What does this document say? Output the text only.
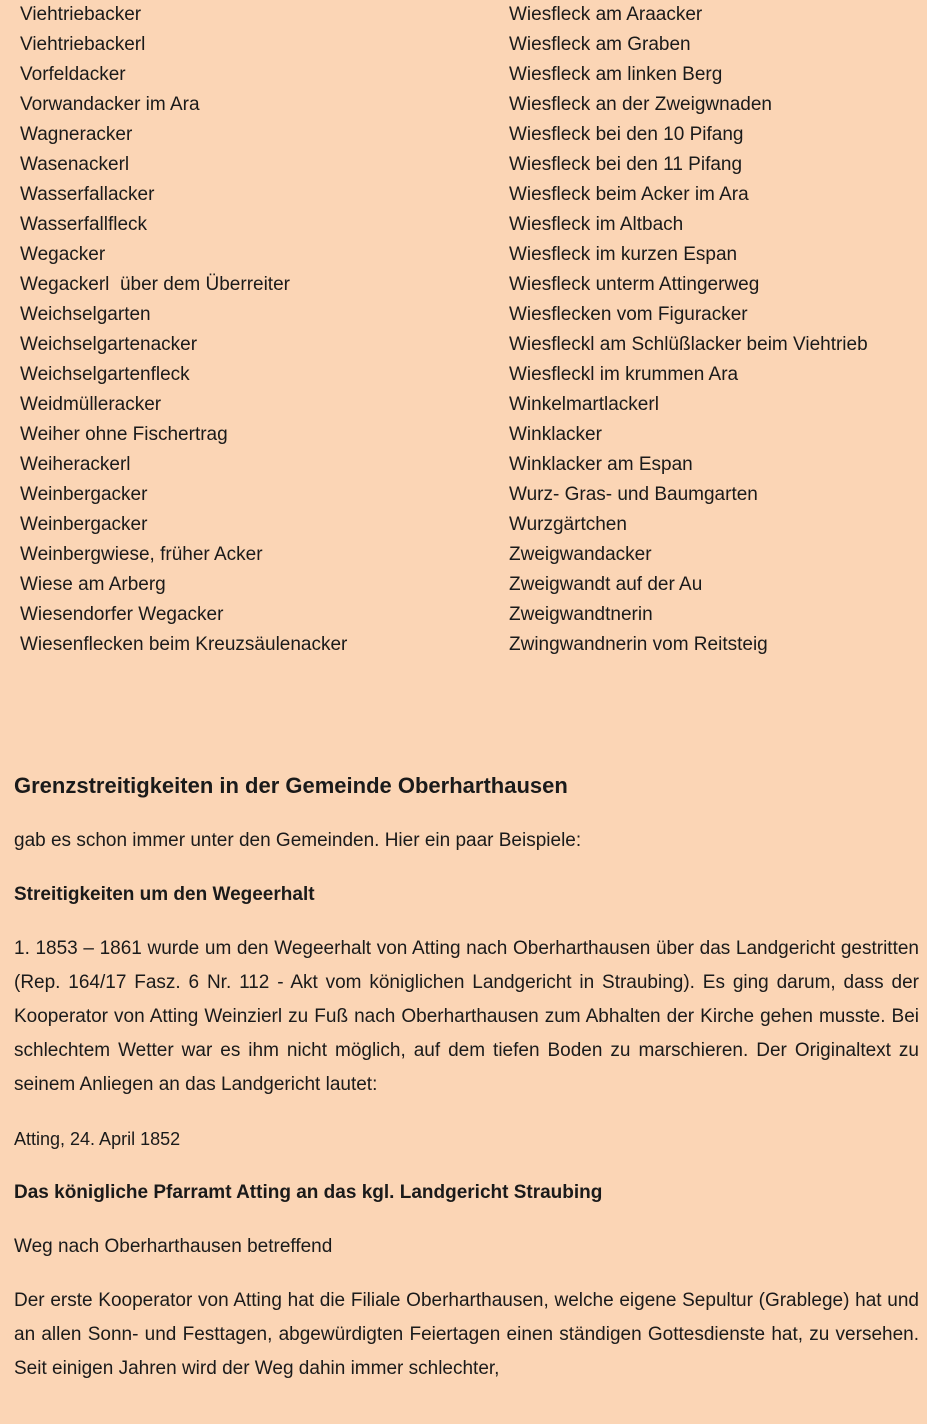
Viehtriebacker
Viehtriebackerl
Vorfeldacker
Vorwandacker im Ara
Wagneracker
Wasenackerl
Wasserfallacker
Wasserfallfleck
Wegacker
Wegackerl  über dem Überreiter
Weichselgarten
Weichselgartenacker
Weichselgartenfleck
Weidmülleracker
Weiher ohne Fischertrag
Weiherackerl
Weinbergacker
Weinbergacker
Weinbergwiese, früher Acker
Wiese am Arberg
Wiesendorfer Wegacker
Wiesenflecken beim Kreuzsäulenacker
Wiesfleck am Araacker
Wiesfleck am Graben
Wiesfleck am linken Berg
Wiesfleck an der Zweigwnaden
Wiesfleck bei den 10 Pifang
Wiesfleck bei den 11 Pifang
Wiesfleck beim Acker im Ara
Wiesfleck im Altbach
Wiesfleck im kurzen Espan
Wiesfleck unterm Attingerweg
Wiesflecken vom Figuracker
Wiesfleckl am Schlüßlacker beim Viehtrieb
Wiesfleckl im krummen Ara
Winkelmartlackerl
Winklacker
Winklacker am Espan
Wurz- Gras- und Baumgarten
Wurzgärtchen
Zweigwandacker
Zweigwandt auf der Au
Zweigwandtnerin
Zwingwandnerin vom Reitsteig
Grenzstreitigkeiten in der Gemeinde Oberharthausen

gab es schon immer unter den Gemeinden. Hier ein paar Beispiele:

Streitigkeiten um den Wegeerhalt

1. 1853 – 1861 wurde um den Wegeerhalt von Atting nach Oberharthausen über das Landgericht gestritten (Rep. 164/17 Fasz. 6 Nr. 112 - Akt vom königlichen Landgericht in Straubing). Es ging darum, dass der Kooperator von Atting Weinzierl zu Fuß nach Oberharthausen zum Abhalten der Kirche gehen musste. Bei schlechtem Wetter war es ihm nicht möglich, auf dem tiefen Boden zu marschieren. Der Originaltext zu seinem Anliegen an das Landgericht lautet:

Atting, 24. April 1852

Das königliche Pfarramt Atting an das kgl. Landgericht Straubing

Weg nach Oberharthausen betreffend

Der erste Kooperator von Atting hat die Filiale Oberharthausen, welche eigene Sepultur (Grablege) hat und an allen Sonn- und Festtagen, abgewürdigten Feiertagen einen ständigen Gottesdienste hat, zu versehen. Seit einigen Jahren wird der Weg dahin immer schlechter,
